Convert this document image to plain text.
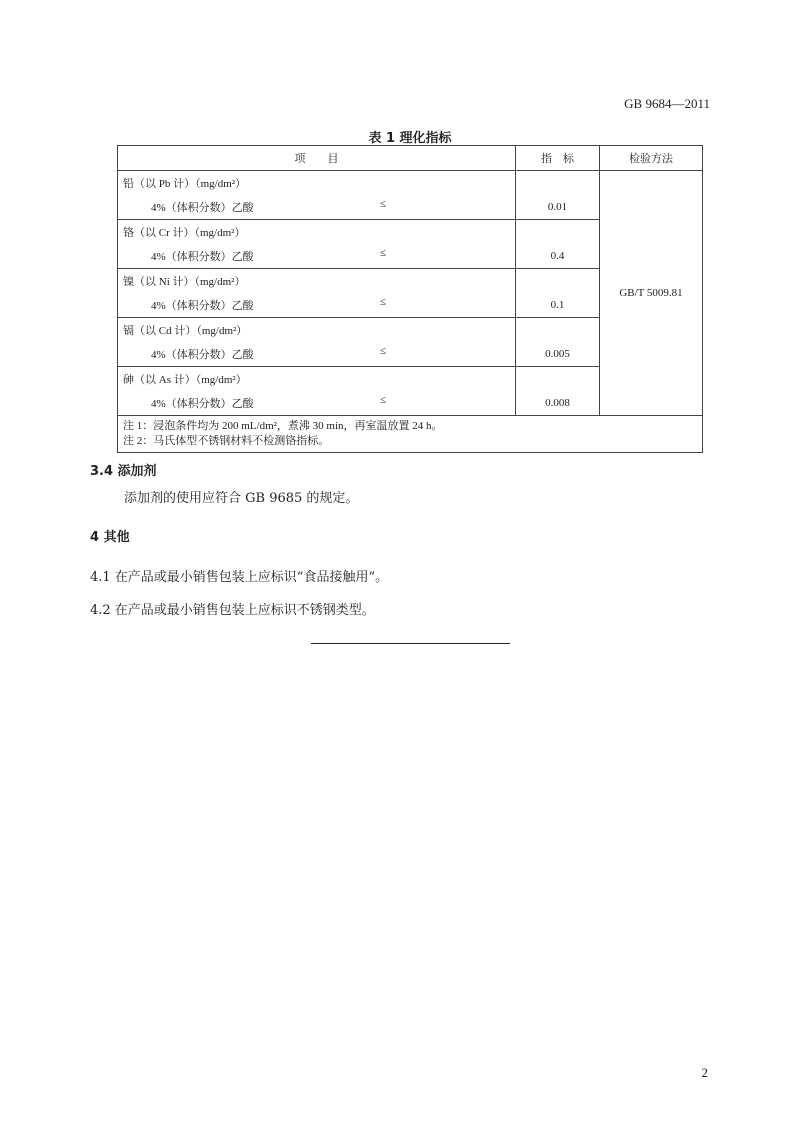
GB 9684—2011
表 1 理化指标
项　　目	指　标	检验方法

铅（以 Pb 计）（mg/dm²）
4%（体积分数）乙酸 ≤	0.01	GB/T 5009.81

铬（以 Cr 计）（mg/dm²）
4%（体积分数）乙酸 ≤	0.4	

镍（以 Ni 计）（mg/dm²）
4%（体积分数）乙酸 ≤	0.1	

镉（以 Cd 计）（mg/dm²）
4%（体积分数）乙酸 ≤	0.005	

砷（以 As 计）（mg/dm²）
4%（体积分数）乙酸 ≤	0.008	

注 1：浸泡条件均为 200 mL/dm²，煮沸 30 min，再室温放置 24 h。
注 2：马氏体型不锈钢材料不检测铬指标。		
3.4 添加剂
添加剂的使用应符合 GB 9685 的规定。
4 其他
4.1 在产品或最小销售包装上应标识“食品接触用”。
4.2 在产品或最小销售包装上应标识不锈钢类型。
2
